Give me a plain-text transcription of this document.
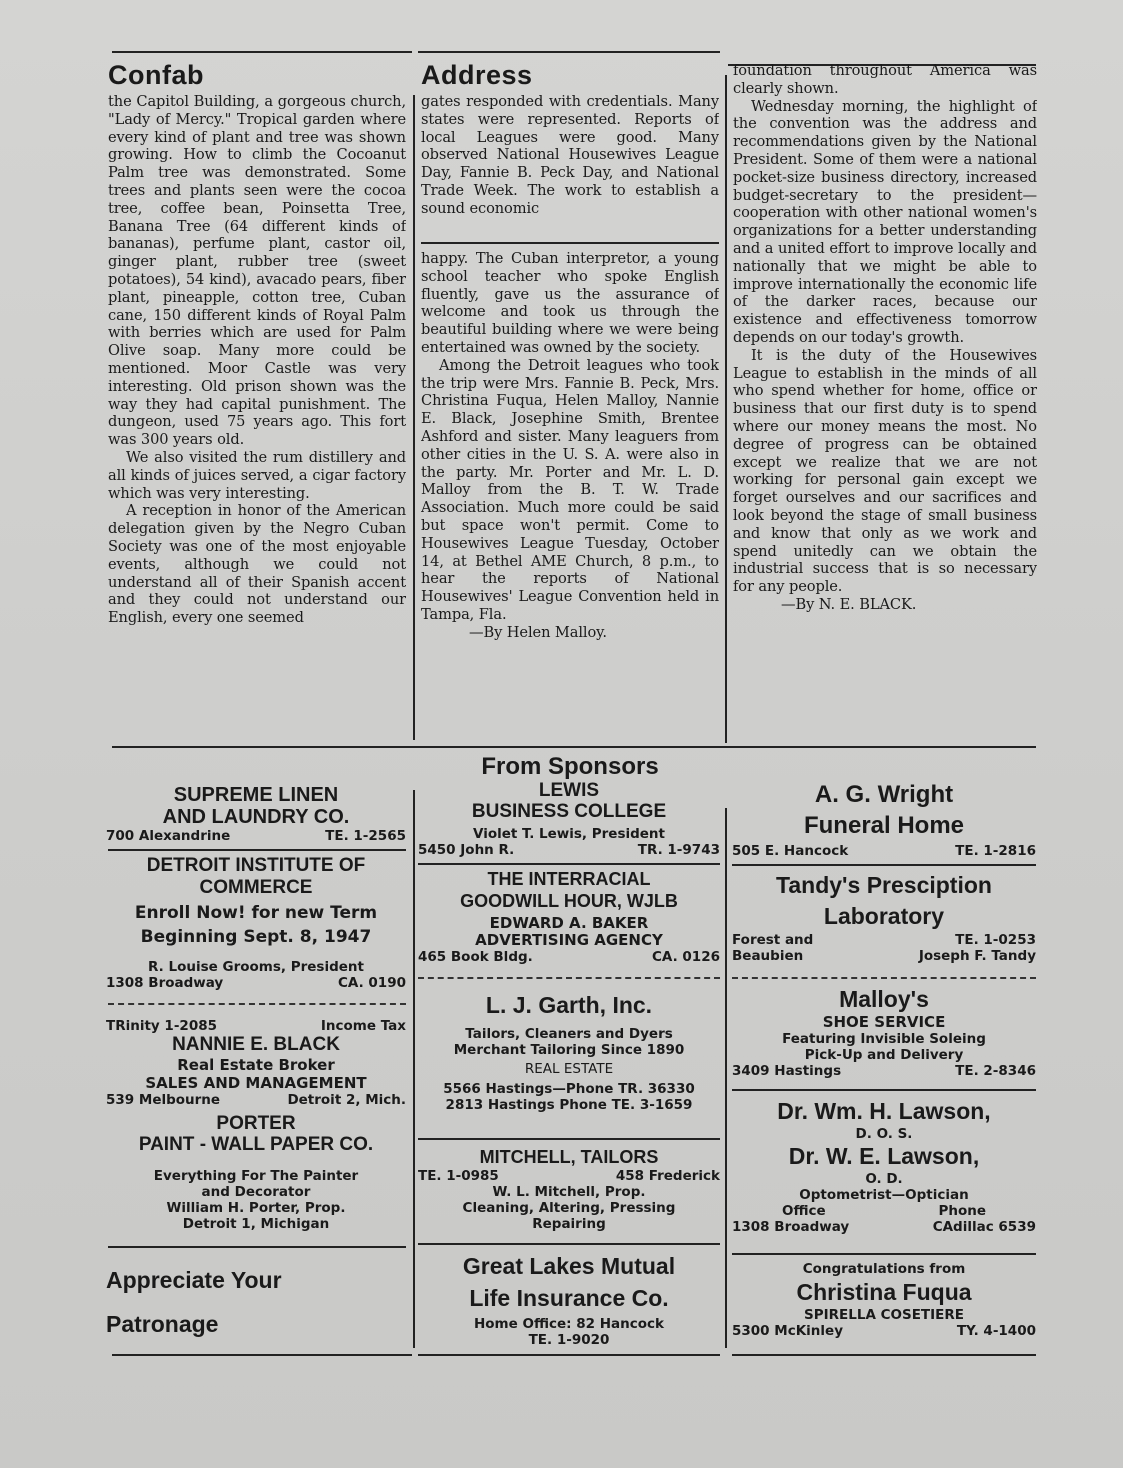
Confab

the Capitol Building, a gorgeous church, "Lady of Mercy." Tropical garden where every kind of plant and tree was shown growing. How to climb the Cocoanut Palm tree was demonstrated. Some trees and plants seen were the cocoa tree, coffee bean, Poinsetta Tree, Banana Tree (64 different kinds of bananas), perfume plant, castor oil, ginger plant, rubber tree (sweet potatoes), 54 kind), avacado pears, fiber plant, pineapple, cotton tree, Cuban cane, 150 different kinds of Royal Palm with berries which are used for Palm Olive soap. Many more could be mentioned. Moor Castle was very interesting. Old prison shown was the way they had capital punishment. The dungeon, used 75 years ago. This fort was 300 years old.

We also visited the rum distillery and all kinds of juices served, a cigar factory which was very interesting.

A reception in honor of the American delegation given by the Negro Cuban Society was one of the most enjoyable events, although we could not understand all of their Spanish accent and they could not understand our English, every one seemed

Address

gates responded with credentials. Many states were represented. Reports of local Leagues were good. Many observed National Housewives League Day, Fannie B. Peck Day, and National Trade Week. The work to establish a sound economic

happy. The Cuban interpretor, a young school teacher who spoke English fluently, gave us the assurance of welcome and took us through the beautiful building where we were being entertained was owned by the society.

Among the Detroit leagues who took the trip were Mrs. Fannie B. Peck, Mrs. Christina Fuqua, Helen Malloy, Nannie E. Black, Josephine Smith, Brentee Ashford and sister. Many leaguers from other cities in the U. S. A. were also in the party. Mr. Porter and Mr. L. D. Malloy from the B. T. W. Trade Association. Much more could be said but space won't permit. Come to Housewives League Tuesday, October 14, at Bethel AME Church, 8 p.m., to hear the reports of National Housewives' League Convention held in Tampa, Fla.

—By Helen Malloy.

foundation throughout America was clearly shown.

Wednesday morning, the highlight of the convention was the address and recommendations given by the National President. Some of them were a national pocket-size business directory, increased budget-secretary to the president—cooperation with other national women's organizations for a better understanding and a united effort to improve locally and nationally that we might be able to improve internationally the economic life of the darker races, because our existence and effectiveness tomorrow depends on our today's growth.

It is the duty of the Housewives League to establish in the minds of all who spend whether for home, office or business that our first duty is to spend where our money means the most. No degree of progress can be obtained except we realize that we are not working for personal gain except we forget ourselves and our sacrifices and look beyond the stage of small business and know that only as we work and spend unitedly can we obtain the industrial success that is so necessary for any people.

—By N. E. BLACK.

SUPREME LINEN
AND LAUNDRY CO.
700 Alexandrine	TE. 1-2565
DETROIT INSTITUTE OF
COMMERCE
Enroll Now! for new Term
Beginning Sept. 8, 1947
R. Louise Grooms, President
1308 Broadway	CA. 0190
TRinity 1-2085	Income Tax
NANNIE E. BLACK
Real Estate Broker
SALES AND MANAGEMENT
539 Melbourne	Detroit 2, Mich.
PORTER
PAINT - WALL PAPER CO.
Everything For The Painter
and Decorator
William H. Porter, Prop.
Detroit 1, Michigan
Appreciate Your
Patronage
From Sponsors
LEWIS
BUSINESS COLLEGE
Violet T. Lewis, President
5450 John R.	TR. 1-9743
THE INTERRACIAL
GOODWILL HOUR, WJLB
EDWARD A. BAKER
ADVERTISING AGENCY
465 Book Bldg.	CA. 0126
L. J. Garth, Inc.
Tailors, Cleaners and Dyers
Merchant Tailoring Since 1890
REAL ESTATE
5566 Hastings—Phone TR. 36330
2813 Hastings Phone TE. 3-1659
MITCHELL, TAILORS
TE. 1-0985	458 Frederick
W. L. Mitchell, Prop.
Cleaning, Altering, Pressing
Repairing
Great Lakes Mutual
Life Insurance Co.
Home Office: 82 Hancock
TE. 1-9020
A. G. Wright
Funeral Home
505 E. Hancock	TE. 1-2816
Tandy's Presciption
Laboratory
Forest and	TE. 1-0253
Beaubien	Joseph F. Tandy
Malloy's
SHOE SERVICE
Featuring Invisible Soleing
Pick-Up and Delivery
3409 Hastings	TE. 2-8346
Dr. Wm. H. Lawson,
D. O. S.
Dr. W. E. Lawson,
O. D.
Optometrist—Optician
Office	Phone
1308 Broadway	CAdillac 6539
Congratulations from
Christina Fuqua
SPIRELLA COSETIERE
5300 McKinley	TY. 4-1400
